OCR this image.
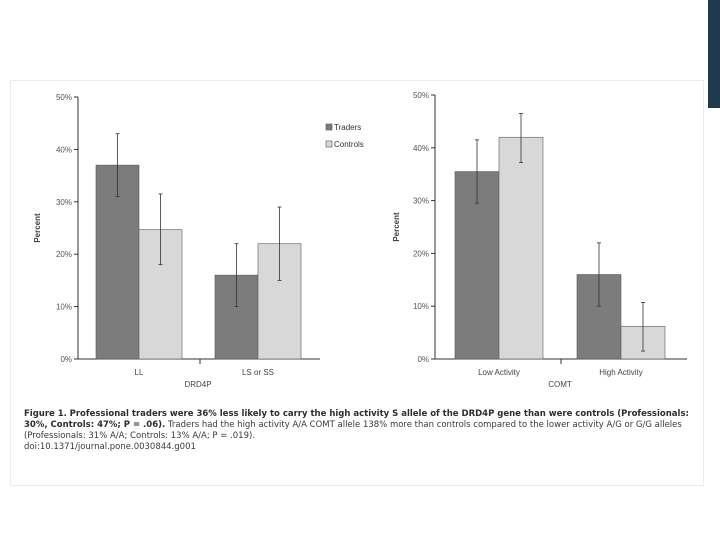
0%
10%
20%
30%
40%
50%
Percent
LL	LS or SS
DRD4P
Traders
Controls
0%
10%
20%
30%
40%
50%
Percent
Low Activity	High Activity
COMT

Figure 1. Professional traders were 36% less likely to carry the high activity S allele of the DRD4P gene than were controls (Professionals: 30%, Controls: 47%; P = .06). Traders had the high activity A/A COMT allele 138% more than controls compared to the lower activity A/G or G/G alleles (Professionals: 31% A/A; Controls: 13% A/A; P = .019).

doi:10.1371/journal.pone.0030844.g001
